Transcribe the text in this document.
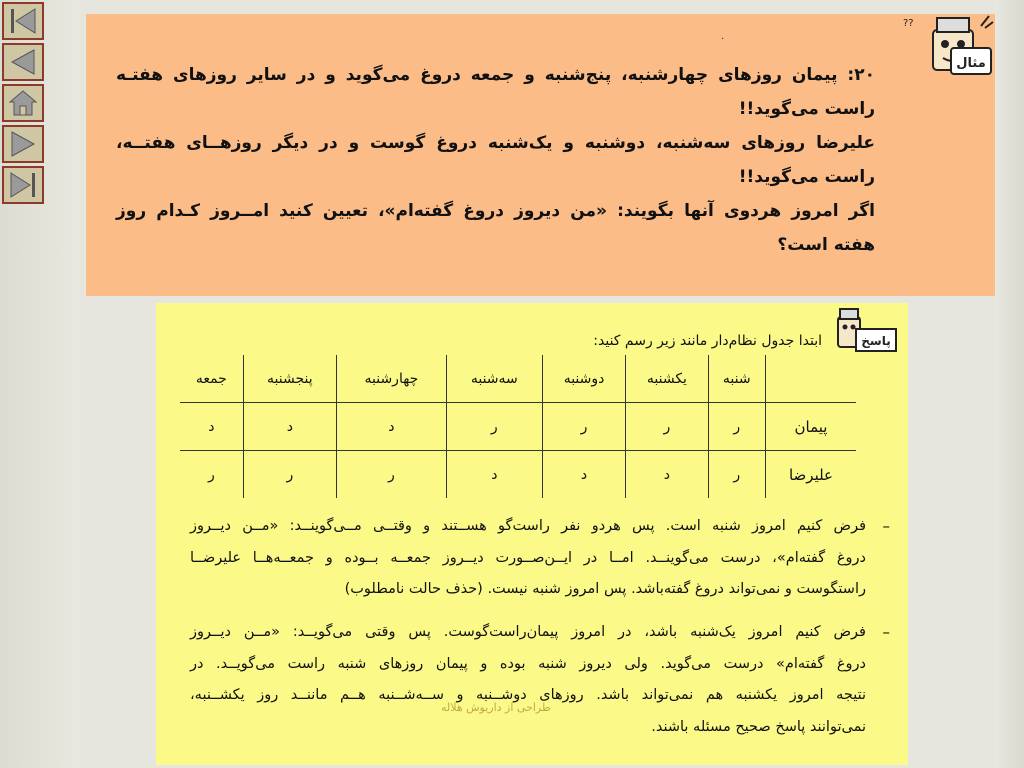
·
مثال
??
۲۰: پیمان روزهای چهارشنبه، پنج‌شنبه و جمعه دروغ می‌گوید و در سایر روزهای هفتـه
راست می‌گوید!!
علیرضا روزهای سه‌شنبه، دوشنبه و یک‌شنبه دروغ گوست و در دیگر روزهــای هفتــه،
راست می‌گوید!!
اگر امروز هردوی آنها بگویند: «من دیروز دروغ گفته‌ام»، تعیین کنید امــروز کـدام روز
هفته است؟
پاسخ
ابتدا جدول نظام‌دار مانند زیر رسم کنید:
	شنبه	یکشنبه	دوشنبه	سه‌شنبه	چهارشنبه	پنجشنبه	جمعه
پیمان	ر	ر	ر	ر	د	د	د
علیرضا	ر	د	د	د	ر	ر	ر
–
فرض کنیم امروز شنبه است. پس هردو نفر راست‌گو هســتند و وقتــی مــی‌گوینــد: «مــن دیــروز
دروغ گفته‌ام»، درست می‌گوینــد. امــا در ایــن‌صــورت دیــروز جمعــه بــوده و جمعــه‌هــا علیرضــا
راستگوست و نمی‌تواند دروغ گفته‌باشد. پس امروز شنبه نیست. (حذف حالت نامطلوب)
–
فرض کنیم امروز یک‌شنبه باشد، در امروز پیمان‌راست‌گوست. پس وقتی می‌گویــد: «مــن دیــروز
دروغ گفته‌ام» درست می‌گوید. ولی دیروز شنبه بوده و پیمان روزهای شنبه راست می‌گویــد. در
نتیجه امروز یکشنبه هم نمی‌تواند باشد. روزهای دوشــنبه و ســه‌شــنبه هــم ماننــد روز یکشــنبه،
نمی‌توانند پاسخ صحیح مسئله باشند.
طراحی از داریوش هلاله
